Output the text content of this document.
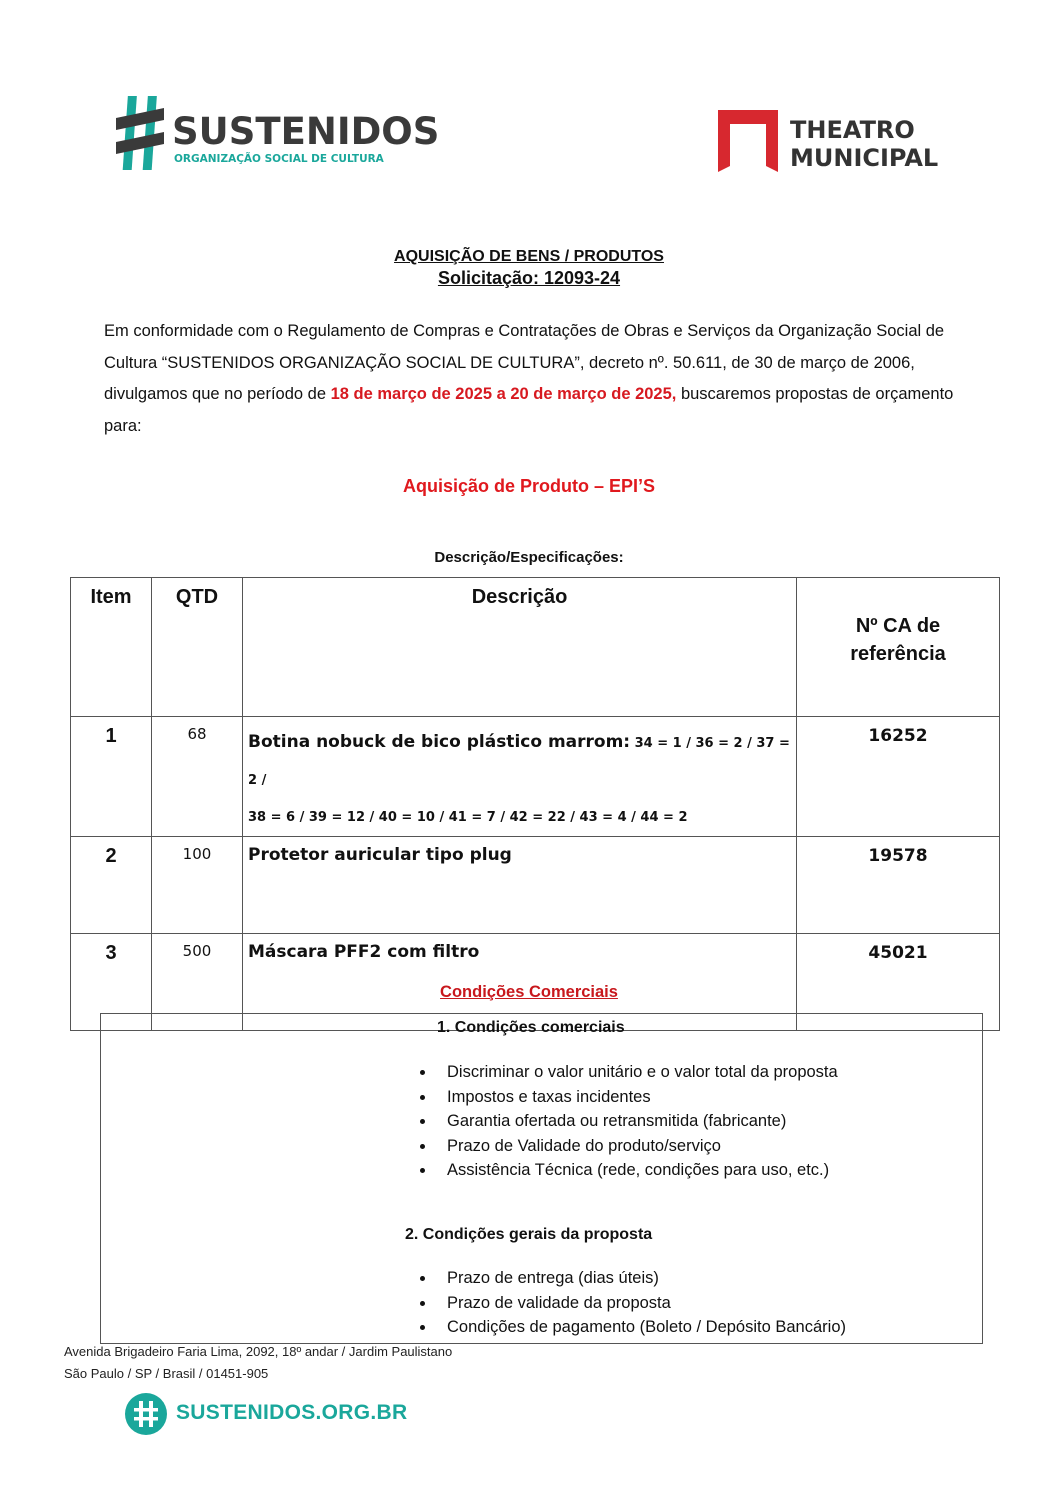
SUSTENIDOS
ORGANIZAÇÃO SOCIAL DE CULTURA
THEATRO
MUNICIPAL
AQUISIÇÃO DE BENS / PRODUTOS
Solicitação: 12093-24
Em conformidade com o Regulamento de Compras e Contratações de Obras e Serviços da Organização Social de Cultura “SUSTENIDOS ORGANIZAÇÃO SOCIAL DE CULTURA”, decreto nº. 50.611, de 30 de março de 2006, divulgamos que no período de 18 de março de 2025 a 20 de março de 2025, buscaremos propostas de orçamento para:
Aquisição de Produto – EPI’S
Descrição/Especificações:
Item	QTD	Descrição	Nº CA de
referência
1	68	Botina nobuck de bico plástico marrom: 34 = 1 / 36 = 2 / 37 = 2 /
38 = 6 / 39 = 12 / 40 = 10 / 41 = 7 / 42 = 22 / 43 = 4 / 44 = 2	16252
2	100	Protetor auricular tipo plug	19578
3	500	Máscara PFF2 com filtro	45021
Condições Comerciais
1. Condições comerciais
Discriminar o valor unitário e o valor total da proposta
Impostos e taxas incidentes
Garantia ofertada ou retransmitida (fabricante)
Prazo de Validade do produto/serviço
Assistência Técnica (rede, condições para uso, etc.)
2. Condições gerais da proposta
Prazo de entrega (dias úteis)
Prazo de validade da proposta
Condições de pagamento (Boleto / Depósito Bancário)
Avenida Brigadeiro Faria Lima, 2092, 18º andar / Jardim Paulistano
São Paulo / SP / Brasil / 01451-905
SUSTENIDOS.ORG.BR
